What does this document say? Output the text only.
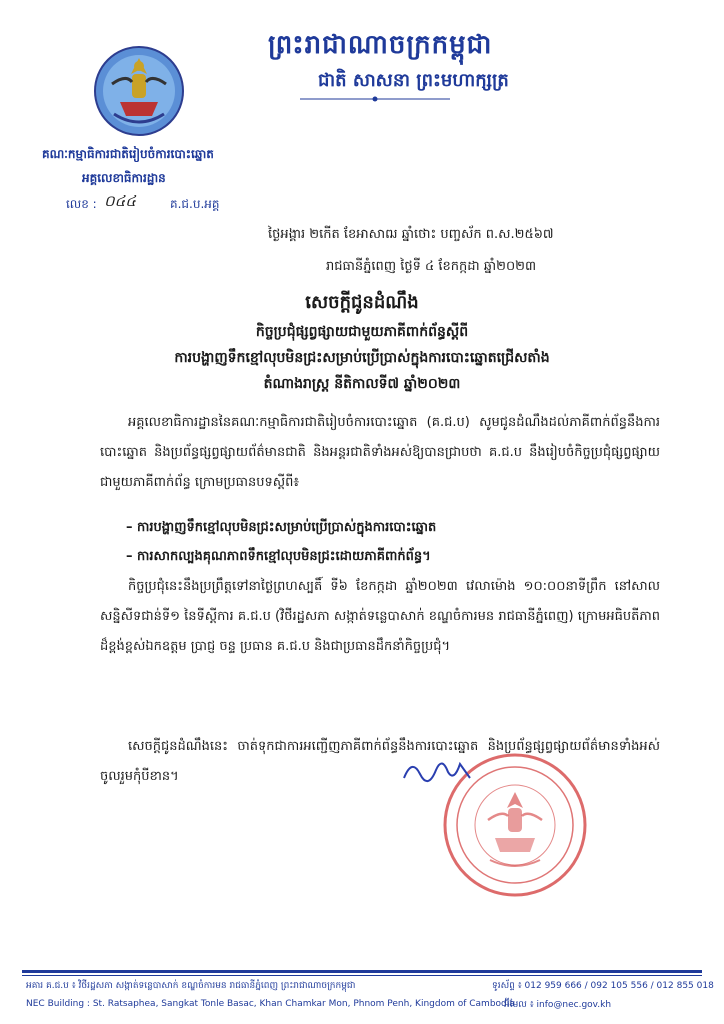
ព្រះរាជាណាចក្រកម្ពុជា
ជាតិ សាសនា ព្រះមហាក្សត្រ
គណៈកម្មាធិការជាតិរៀបចំការបោះឆ្នោត
អគ្គលេខាធិការដ្ឋាន
លេខ : ០៤៤	គ.ជ.ប.អគ្គ
ថ្ងៃអង្គារ ២កើត ខែអាសាឍ ឆ្នាំថោះ បញ្ចស័ក ព.ស.២៥៦៧
រាជធានីភ្នំពេញ ថ្ងៃទី ៤ ខែកក្កដា ឆ្នាំ២០២៣
សេចក្តីជូនដំណឹង
កិច្ចប្រជុំផ្សព្វផ្សាយជាមួយភាគីពាក់ព័ន្ធស្តីពី
ការបង្ហាញទឹកខ្មៅលុបមិនជ្រះសម្រាប់ប្រើប្រាស់ក្នុងការបោះឆ្នោតជ្រើសតាំង
តំណាងរាស្ត្រ នីតិកាលទី៧ ឆ្នាំ២០២៣
អគ្គលេខាធិការដ្ឋាននៃគណៈកម្មាធិការជាតិរៀបចំការបោះឆ្នោត (គ.ជ.ប) សូមជូនដំណឹងដល់ភាគីពាក់ព័ន្ធនឹងការបោះឆ្នោត និងប្រព័ន្ធផ្សព្វផ្សាយព័ត៌មានជាតិ និងអន្តរជាតិទាំងអស់ឱ្យបានជ្រាបថា គ.ជ.ប នឹងរៀបចំកិច្ចប្រជុំផ្សព្វផ្សាយជាមួយភាគីពាក់ព័ន្ធ ក្រោមប្រធានបទស្តីពី៖
– ការបង្ហាញទឹកខ្មៅលុបមិនជ្រះសម្រាប់ប្រើប្រាស់ក្នុងការបោះឆ្នោត
– ការសាកល្បងគុណភាពទឹកខ្មៅលុបមិនជ្រះដោយភាគីពាក់ព័ន្ធ។
កិច្ចប្រជុំនេះនឹងប្រព្រឹត្តទៅនាថ្ងៃព្រហស្បតិ៍ ទី៦ ខែកក្កដា ឆ្នាំ២០២៣ វេលាម៉ោង ១០:០០នាទីព្រឹក នៅសាលសន្និសីទជាន់ទី១ នៃទីស្តីការ គ.ជ.ប (វិថីរដ្ឋសភា សង្កាត់ទន្លេបាសាក់ ខណ្ឌចំការមន រាជធានីភ្នំពេញ) ក្រោមអធិបតីភាពដ៏ខ្ពង់ខ្ពស់ឯកឧត្តម ប្រាជ្ញ ចន្ទ ប្រធាន គ.ជ.ប និងជាប្រធានដឹកនាំកិច្ចប្រជុំ។
សេចក្តីជូនដំណឹងនេះ ចាត់ទុកជាការអញ្ជើញភាគីពាក់ព័ន្ធនឹងការបោះឆ្នោត និងប្រព័ន្ធផ្សព្វផ្សាយព័ត៌មានទាំងអស់ចូលរួមកុំបីខាន។
អគារ គ.ជ.ប ៖ វិថីរដ្ឋសភា សង្កាត់ទន្លេបាសាក់ ខណ្ឌចំការមន រាជធានីភ្នំពេញ ព្រះរាជាណាចក្រកម្ពុជា
NEC Building : St. Ratsaphea, Sangkat Tonle Basac, Khan Chamkar Mon, Phnom Penh, Kingdom of Cambodia
ទូរស័ព្ទ ៖ 012 959 666 / 092 105 556 / 012 855 018
អ៊ីមែល ៖ info@nec.gov.kh
